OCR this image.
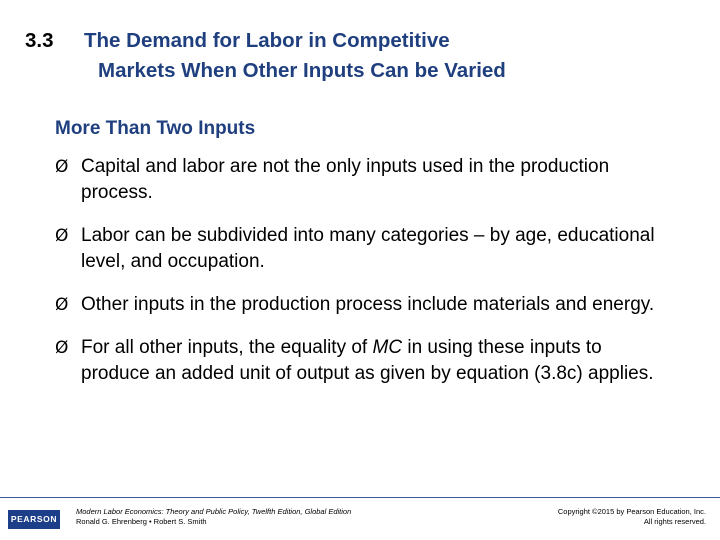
3.3 The Demand for Labor in Competitive
Markets When Other Inputs Can be Varied
More Than Two Inputs
Ø Capital and labor are not the only inputs used in the production process.
Ø Labor can be subdivided into many categories – by age, educational level, and occupation.
Ø Other inputs in the production process include materials and energy.
Ø For all other inputs, the equality of MC in using these inputs to produce an added unit of output as given by equation (3.8c) applies.
PEARSON
Modern Labor Economics: Theory and Public Policy, Twelfth Edition, Global Edition
Ronald G. Ehrenberg • Robert S. Smith
Copyright ©2015 by Pearson Education, Inc.
All rights reserved.
